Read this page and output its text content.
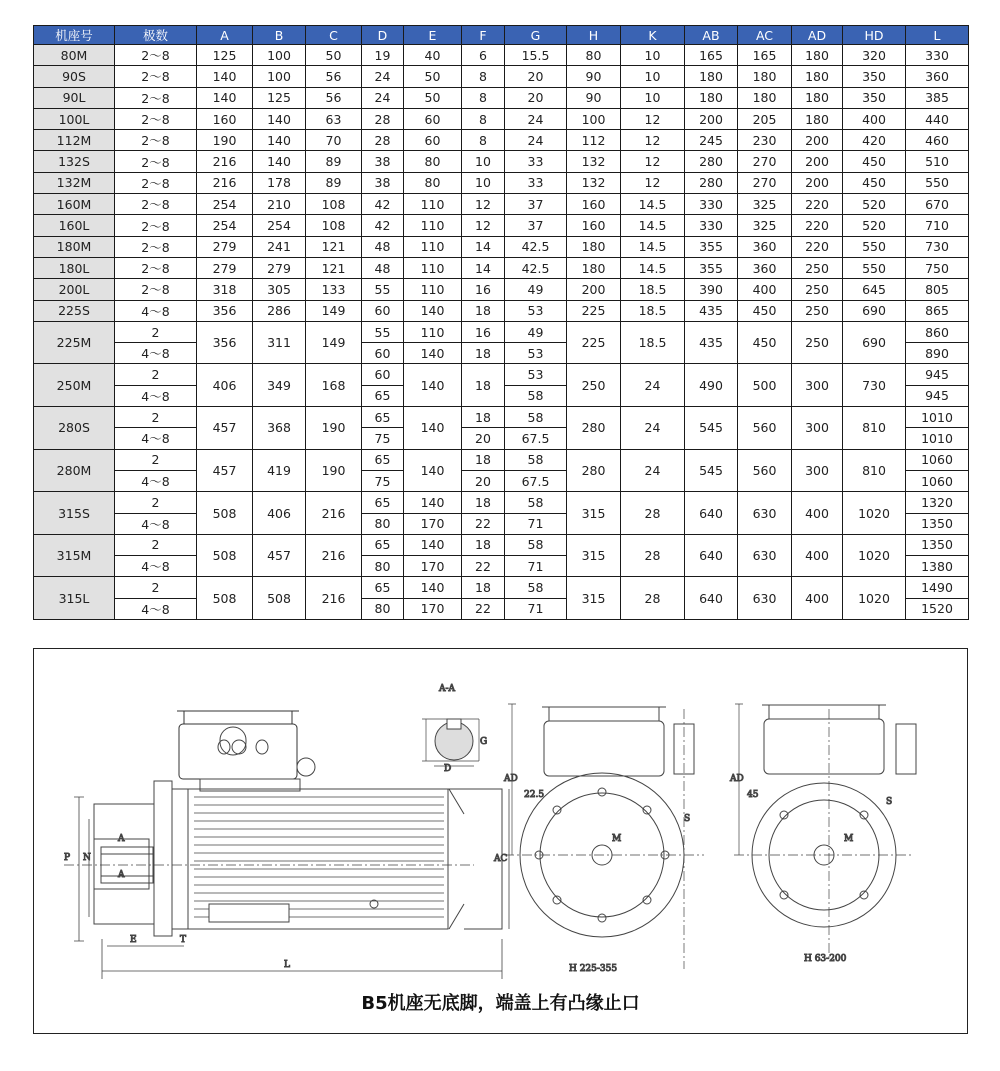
机座号	极数	A	B	C	D	E	F	G	H	K	AB	AC	AD	HD	L
80M	2～8	125	100	50	19	40	6	15.5	80	10	165	165	180	320	330
90S	2～8	140	100	56	24	50	8	20	90	10	180	180	180	350	360
90L	2～8	140	125	56	24	50	8	20	90	10	180	180	180	350	385
100L	2～8	160	140	63	28	60	8	24	100	12	200	205	180	400	440
112M	2～8	190	140	70	28	60	8	24	112	12	245	230	200	420	460
132S	2～8	216	140	89	38	80	10	33	132	12	280	270	200	450	510
132M	2～8	216	178	89	38	80	10	33	132	12	280	270	200	450	550
160M	2～8	254	210	108	42	110	12	37	160	14.5	330	325	220	520	670
160L	2～8	254	254	108	42	110	12	37	160	14.5	330	325	220	520	710
180M	2～8	279	241	121	48	110	14	42.5	180	14.5	355	360	220	550	730
180L	2～8	279	279	121	48	110	14	42.5	180	14.5	355	360	250	550	750
200L	2～8	318	305	133	55	110	16	49	200	18.5	390	400	250	645	805
225S	4～8	356	286	149	60	140	18	53	225	18.5	435	450	250	690	865
225M	2	356	311	149	55	110	16	49	225	18.5	435	450	250	690	860
	4～8				60	140	18	53							890
250M	2	406	349	168	60	140	18	53	250	24	490	500	300	730	945
	4～8				65			58							945
280S	2	457	368	190	65	140	18	58	280	24	545	560	300	810	1010
	4～8				75		20	67.5							1010
280M	2	457	419	190	65	140	18	58	280	24	545	560	300	810	1060
	4～8				75		20	67.5							1060
315S	2	508	406	216	65	140	18	58	315	28	640	630	400	1020	1320
	4～8				80	170	22	71							1350
315M	2	508	457	216	65	140	18	58	315	28	640	630	400	1020	1350
	4～8				80	170	22	71							1380
315L	2	508	508	216	65	140	18	58	315	28	640	630	400	1020	1490
	4～8				80	170	22	71							1520
P N
A
A
E	T
L
AC
A-A
G
D
AD
22.5
M
S
H 225-355
AD
45
M
S
H 63-200
B5机座无底脚，端盖上有凸缘止口
